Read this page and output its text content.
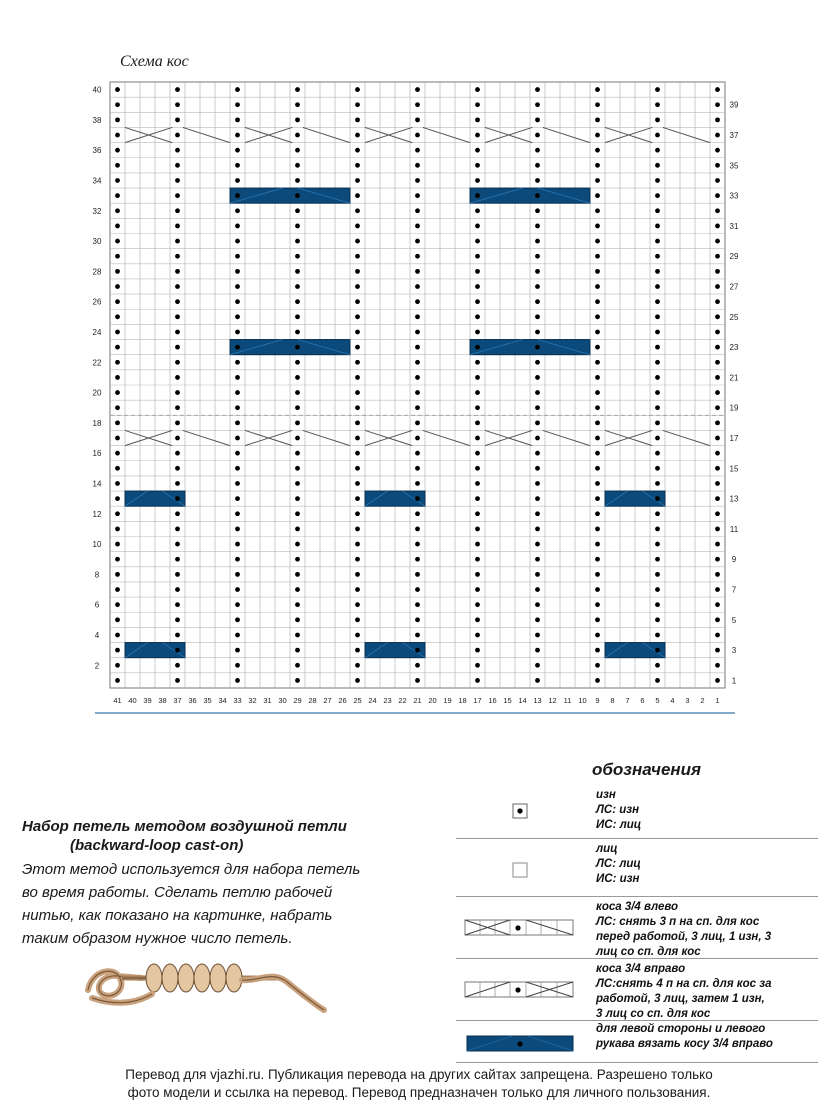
Схема кос
2
4
6
8
10
12
14
16
18
20
22
24
26
28
30
32
34
36
38
40
1
3
5
7
9
11
13
15
17
19
21
23
25
27
29
31
33
35
37
39
41 40 39 38 37 36 35 34 33 32 31 30 29 28 27 26 25 24 23 22 21 20 19 18 17 16 15 14 13 12 11 10 9 8 7 6 5 4 3 2 1
обозначения
изн
ЛС: изн
ИС: лиц
лиц
ЛС: лиц
ИС: изн
коса 3/4 влево
ЛС: снять 3 п на сп. для кос
перед работой, 3 лиц, 1 изн, 3
лиц со сп. для кос
коса 3/4 вправо
ЛС:снять 4 п на сп. для кос за
работой, 3 лиц, затем 1 изн,
3 лиц со сп. для кос
для левой стороны и левого
рукава вязать косу 3/4 вправо
Набор петель методом воздушной петли
(backward-loop cast-on)
Этот метод используется для набора петель
во время работы. Сделать петлю рабочей
нитью, как показано на картинке, набрать
таким образом нужное число петель.
Перевод для vjazhi.ru. Публикация перевода на других сайтах запрещена. Разрешено только
фото модели и ссылка на перевод. Перевод предназначен только для личного пользования.
